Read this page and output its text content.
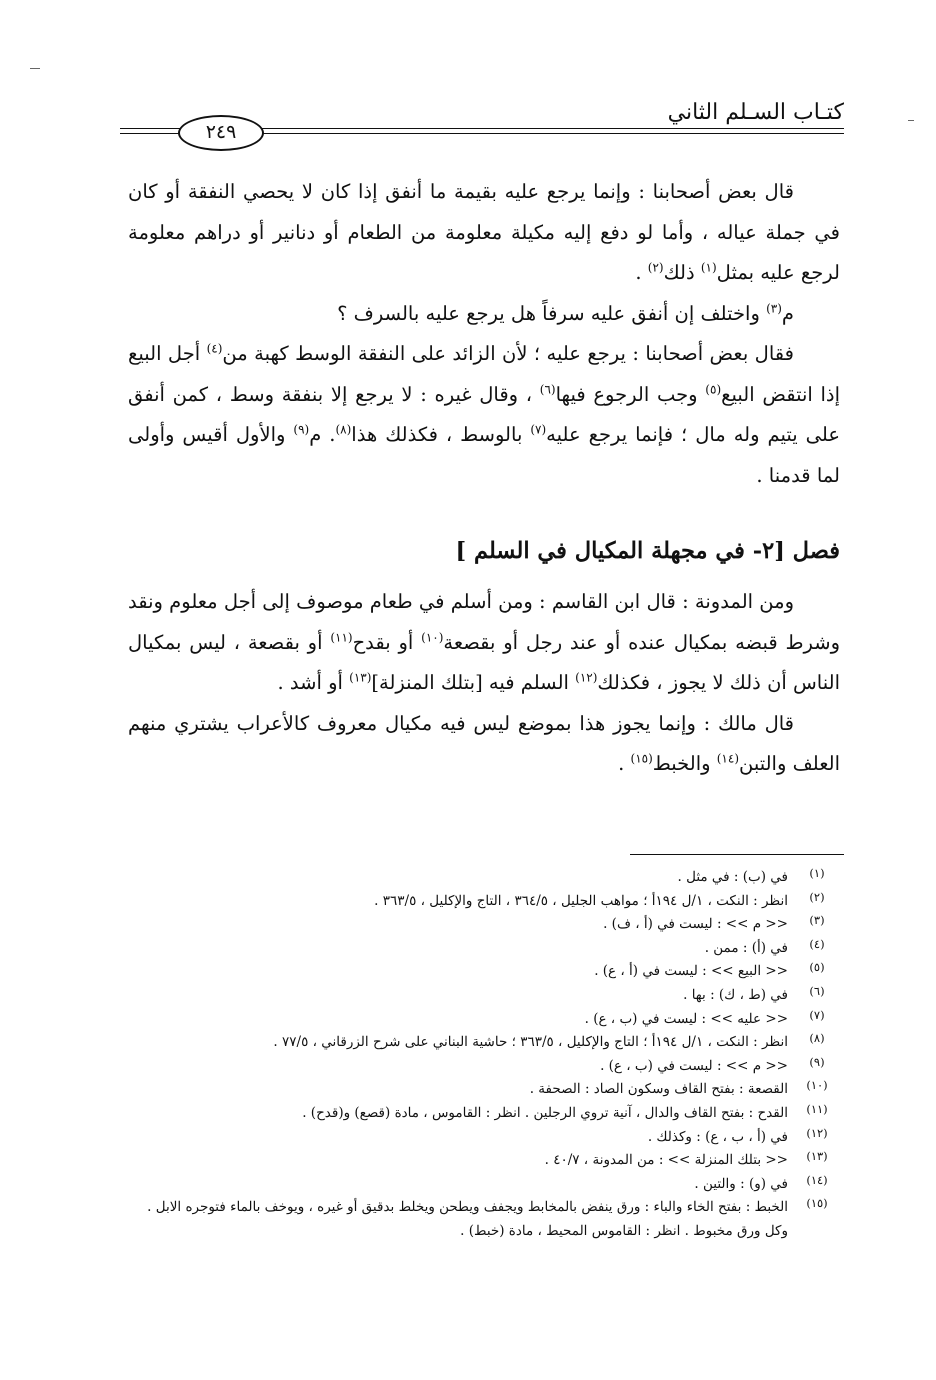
كتـاب السـلم الثاني
٢٤٩

قال بعض أصحابنا : وإنما يرجع عليه بقيمة ما أنفق إذا كان لا يحصي النفقة أو كان في جملة عياله ، وأما لو دفع إليه مكيلة معلومة من الطعام أو دنانير أو دراهم معلومة لرجع عليه بمثل$^{(١)}$ ذلك$^{(٢)}$ .

م$^{(٣)}$ واختلف إن أنفق عليه سرفاً هل يرجع عليه بالسرف ؟

فقال بعض أصحابنا : يرجع عليه ؛ لأن الزائد على النفقة الوسط كهبة من$^{(٤)}$ أجل البيع إذا انتقض البيع$^{(٥)}$ وجب الرجوع فيها$^{(٦)}$ ، وقال غيره : لا يرجع إلا بنفقة وسط ، كمن أنفق على يتيم وله مال ؛ فإنما يرجع عليه$^{(٧)}$ بالوسط ، فكذلك هذا$^{(٨)}$. م$^{(٩)}$ والأول أقيس وأولى لما قدمنا .

فصل [٢- في مجهلة المكيال في السلم ]

ومن المدونة : قال ابن القاسم : ومن أسلم في طعام موصوف إلى أجل معلوم ونقد وشرط قبضه بمكيال عنده أو عند رجل أو بقصعة$^{(١٠)}$ أو بقدح$^{(١١)}$ أو بقصعة ، ليس بمكيال الناس أن ذلك لا يجوز ، فكذلك$^{(١٢)}$ السلم فيه [بتلك المنزلة]$^{(١٣)}$ أو أشد .

قال مالك : وإنما يجوز هذا بموضع ليس فيه مكيال معروف كالأعراب يشتري منهم العلف والتبن$^{(١٤)}$ والخبط$^{(١٥)}$ .

(١)
في (ب) : في مثل .
(٢)
انظر : النكت ، ١/ل ١٩٤أ ؛ مواهب الجليل ، ٣٦٤/٥ ، التاج والإكليل ، ٣٦٣/٥ .
(٣)
<< م >> : ليست في (أ ، ف) .
(٤)
في (أ) : ممن .
(٥)
<< البيع >> : ليست في (أ ، ع) .
(٦)
في (ط ، ك) : بها .
(٧)
<< عليه >> : ليست في (ب ، ع) .
(٨)
انظر : النكت ، ١/ل ١٩٤أ ؛ التاج والإكليل ، ٣٦٣/٥ ؛ حاشية البناني على شرح الزرقاني ، ٧٧/٥ .
(٩)
<< م >> : ليست في (ب ، ع) .
(١٠)
القصعة : بفتح القاف وسكون الصاد : الصحفة .
(١١)
القدح : بفتح القاف والدال ، آنية تروي الرجلين . انظر : القاموس ، مادة (قصع) و(قدح) .
(١٢)
في (أ ، ب ، ع) : وكذلك .
(١٣)
<< بتلك المنزلة >> : من المدونة ، ٤٠/٧ .
(١٤)
في (و) : والتين .
(١٥)
الخبط : بفتح الخاء والباء : ورق ينفض بالمخابط ويجفف ويطحن ويخلط بدقيق أو غيره ، ويوخف بالماء فتوجره الابل . وكل ورق مخبوط . انظر : القاموس المحيط ، مادة (خبط) .
